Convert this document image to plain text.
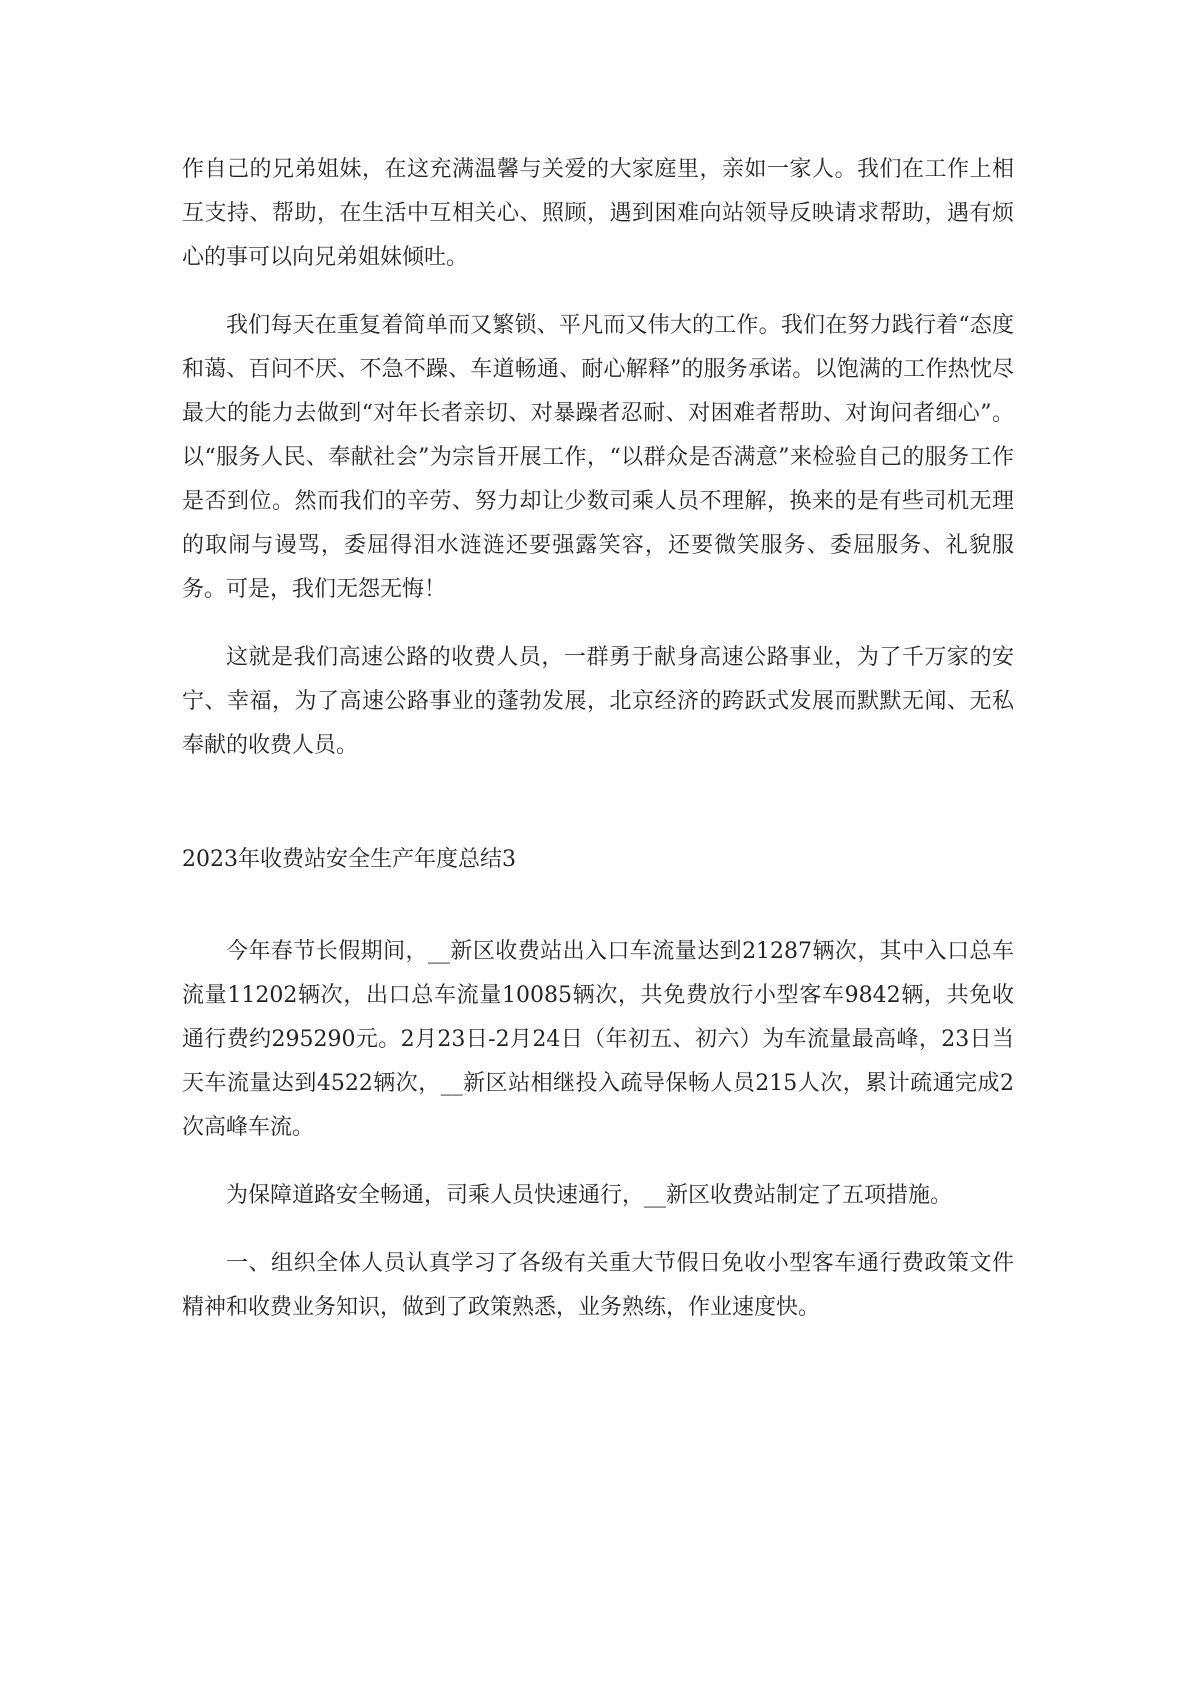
作自己的兄弟姐妹，在这充满温馨与关爱的大家庭里，亲如一家人。我们在工作上相互支持、帮助，在生活中互相关心、照顾，遇到困难向站领导反映请求帮助，遇有烦心的事可以向兄弟姐妹倾吐。

我们每天在重复着简单而又繁锁、平凡而又伟大的工作。我们在努力践行着“态度和蔼、百问不厌、不急不躁、车道畅通、耐心解释”的服务承诺。以饱满的工作热忱尽最大的能力去做到“对年长者亲切、对暴躁者忍耐、对困难者帮助、对询问者细心”。以“服务人民、奉献社会”为宗旨开展工作，“以群众是否满意”来检验自己的服务工作是否到位。然而我们的辛劳、努力却让少数司乘人员不理解，换来的是有些司机无理的取闹与谩骂，委屈得泪水涟涟还要强露笑容，还要微笑服务、委屈服务、礼貌服务。可是，我们无怨无悔！

这就是我们高速公路的收费人员，一群勇于献身高速公路事业，为了千万家的安宁、幸福，为了高速公路事业的蓬勃发展，北京经济的跨跃式发展而默默无闻、无私奉献的收费人员。

2023年收费站安全生产年度总结3

今年春节长假期间，__新区收费站出入口车流量达到21287辆次，其中入口总车流量11202辆次，出口总车流量10085辆次，共免费放行小型客车9842辆，共免收通行费约295290元。2月23日-2月24日（年初五、初六）为车流量最高峰，23日当天车流量达到4522辆次，__新区站相继投入疏导保畅人员215人次，累计疏通完成2次高峰车流。

为保障道路安全畅通，司乘人员快速通行，__新区收费站制定了五项措施。

一、组织全体人员认真学习了各级有关重大节假日免收小型客车通行费政策文件精神和收费业务知识，做到了政策熟悉，业务熟练，作业速度快。
